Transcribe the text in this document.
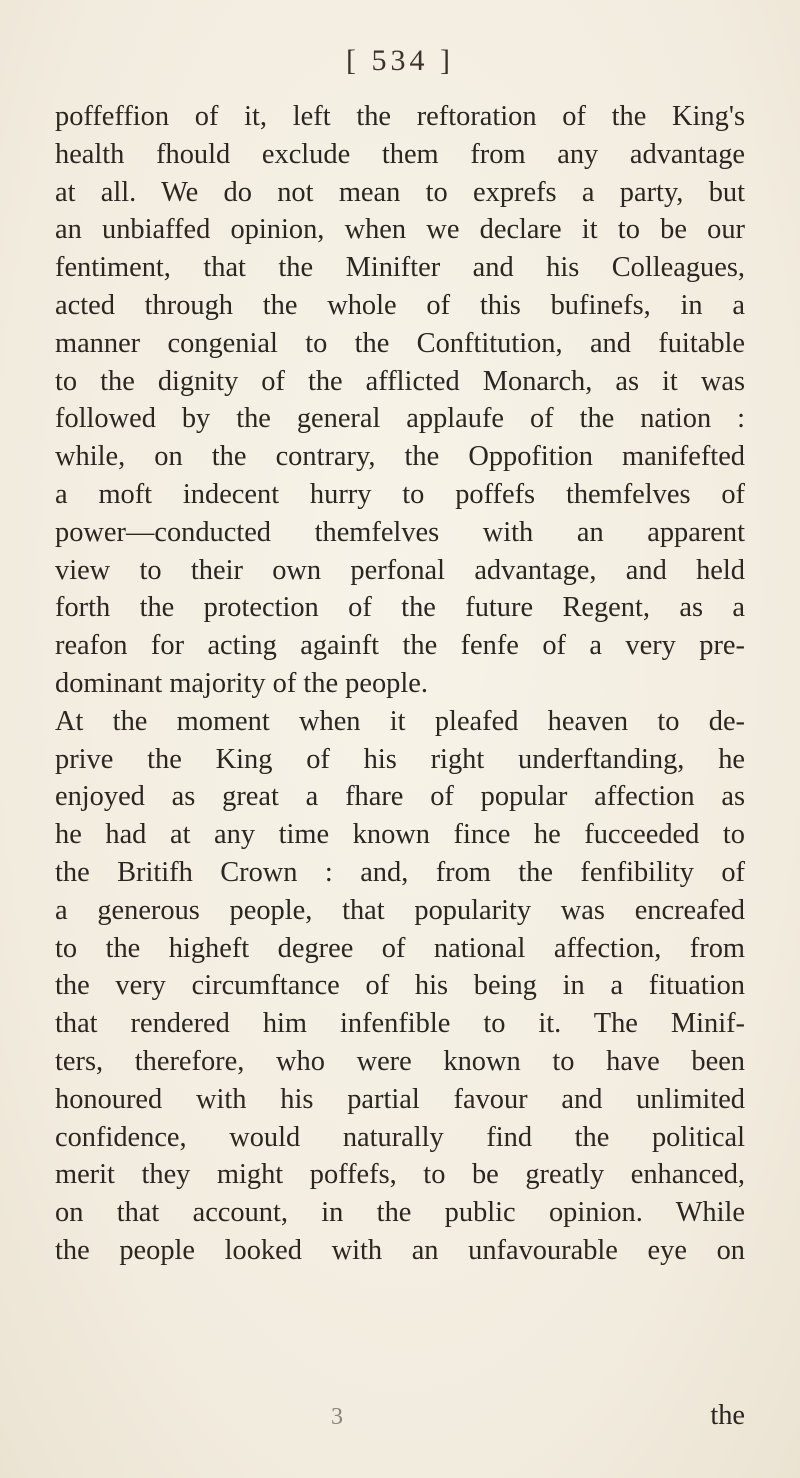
[ 534 ]
poffeffion of it, left the reftoration of the King's
health fhould exclude them from any advantage
at all. We do not mean to exprefs a party, but
an unbiaffed opinion, when we declare it to be our
fentiment, that the Minifter and his Colleagues,
acted through the whole of this bufinefs, in a
manner congenial to the Conftitution, and fuitable
to the dignity of the afflicted Monarch, as it was
followed by the general applaufe of the nation :
while, on the contrary, the Oppofition manifefted
a moft indecent hurry to poffefs themfelves of
power—conducted themfelves with an apparent
view to their own perfonal advantage, and held
forth the protection of the future Regent, as a
reafon for acting againft the fenfe of a very pre-
dominant majority of the people.
At the moment when it pleafed heaven to de-
prive the King of his right underftanding, he
enjoyed as great a fhare of popular affection as
he had at any time known fince he fucceeded to
the Britifh Crown : and, from the fenfibility of
a generous people, that popularity was encreafed
to the higheft degree of national affection, from
the very circumftance of his being in a fituation
that rendered him infenfible to it. The Minif-
ters, therefore, who were known to have been
honoured with his partial favour and unlimited
confidence, would naturally find the political
merit they might poffefs, to be greatly enhanced,
on that account, in the public opinion. While
the people looked with an unfavourable eye on
3	the
